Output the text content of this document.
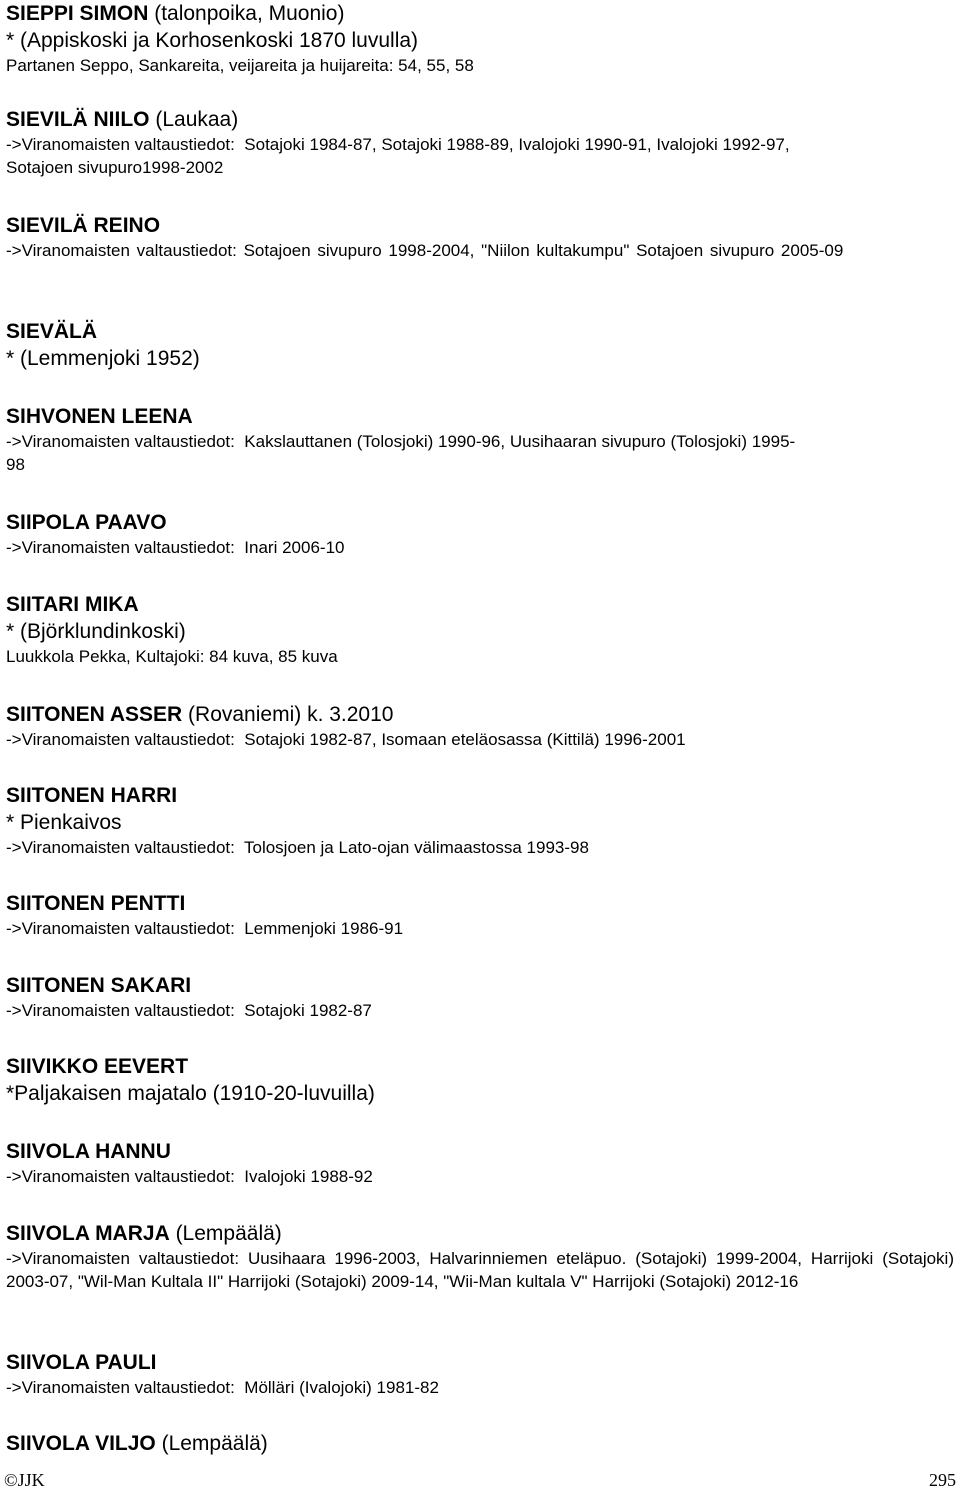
SIEPPI SIMON (talonpoika, Muonio)
* (Appiskoski ja Korhosenkoski 1870 luvulla)
Partanen Seppo, Sankareita, veijareita ja huijareita: 54, 55, 58
SIEVILÄ NIILO (Laukaa)
->Viranomaisten valtaustiedot:  Sotajoki 1984-87, Sotajoki 1988-89, Ivalojoki 1990-91, Ivalojoki 1992-97,
Sotajoen sivupuro1998-2002
SIEVILÄ REINO
->Viranomaisten valtaustiedot: Sotajoen sivupuro 1998-2004, "Niilon kultakumpu" Sotajoen sivupuro 2005-09
SIEVÄLÄ
* (Lemmenjoki 1952)
SIHVONEN LEENA
->Viranomaisten valtaustiedot:  Kakslauttanen (Tolosjoki) 1990-96, Uusihaaran sivupuro (Tolosjoki) 1995-
98
SIIPOLA PAAVO
->Viranomaisten valtaustiedot:  Inari 2006-10
SIITARI MIKA
* (Björklundinkoski)
Luukkola Pekka, Kultajoki: 84 kuva, 85 kuva
SIITONEN ASSER (Rovaniemi) k. 3.2010
->Viranomaisten valtaustiedot:  Sotajoki 1982-87, Isomaan eteläosassa (Kittilä) 1996-2001
SIITONEN HARRI
* Pienkaivos
->Viranomaisten valtaustiedot:  Tolosjoen ja Lato-ojan välimaastossa 1993-98
SIITONEN PENTTI
->Viranomaisten valtaustiedot:  Lemmenjoki 1986-91
SIITONEN SAKARI
->Viranomaisten valtaustiedot:  Sotajoki 1982-87
SIIVIKKO EEVERT
*Paljakaisen majatalo (1910-20-luvuilla)
SIIVOLA HANNU
->Viranomaisten valtaustiedot:  Ivalojoki 1988-92
SIIVOLA MARJA (Lempäälä)
->Viranomaisten valtaustiedot: Uusihaara 1996-2003, Halvarinniemen eteläpuo. (Sotajoki) 1999-2004, Harrijoki (Sotajoki) 2003-07, "Wil-Man Kultala II" Harrijoki (Sotajoki) 2009-14, "Wii-Man kultala V" Harrijoki (Sotajoki) 2012-16
SIIVOLA PAULI
->Viranomaisten valtaustiedot:  Mölläri (Ivalojoki) 1981-82
SIIVOLA VILJO (Lempäälä)
©JJK	295
